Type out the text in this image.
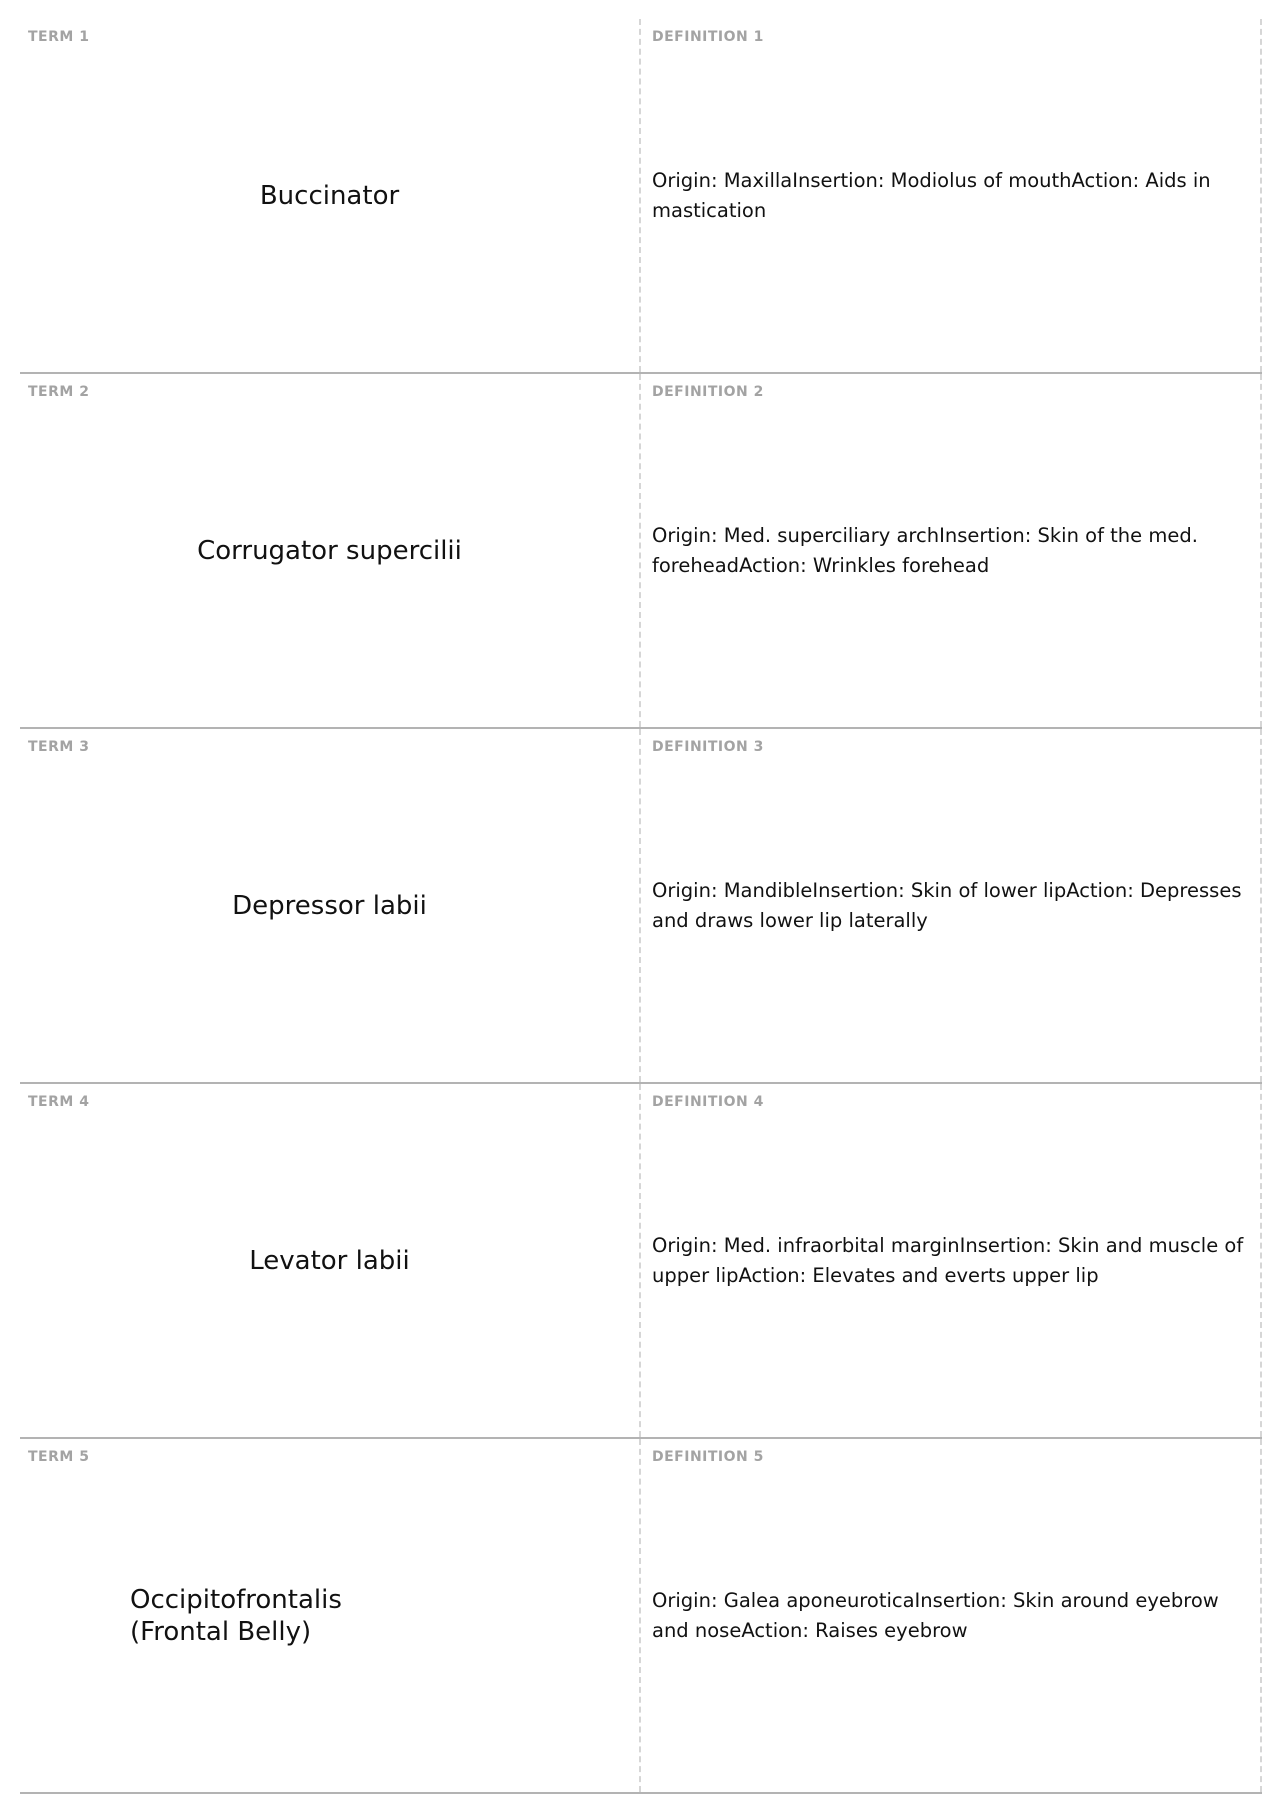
TERM 1
Buccinator
DEFINITION 1
Origin: MaxillaInsertion: Modiolus of mouthAction: Aids in mastication
TERM 2
Corrugator supercilii
DEFINITION 2
Origin: Med. superciliary archInsertion: Skin of the med. foreheadAction: Wrinkles forehead
TERM 3
Depressor labii
DEFINITION 3
Origin: MandibleInsertion: Skin of lower lipAction: Depresses and draws lower lip laterally
TERM 4
Levator labii
DEFINITION 4
Origin: Med. infraorbital marginInsertion: Skin and muscle of upper lipAction: Elevates and everts upper lip
TERM 5
Occipitofrontalis (Frontal Belly)
DEFINITION 5
Origin: Galea aponeuroticaInsertion: Skin around eyebrow and noseAction: Raises eyebrow
